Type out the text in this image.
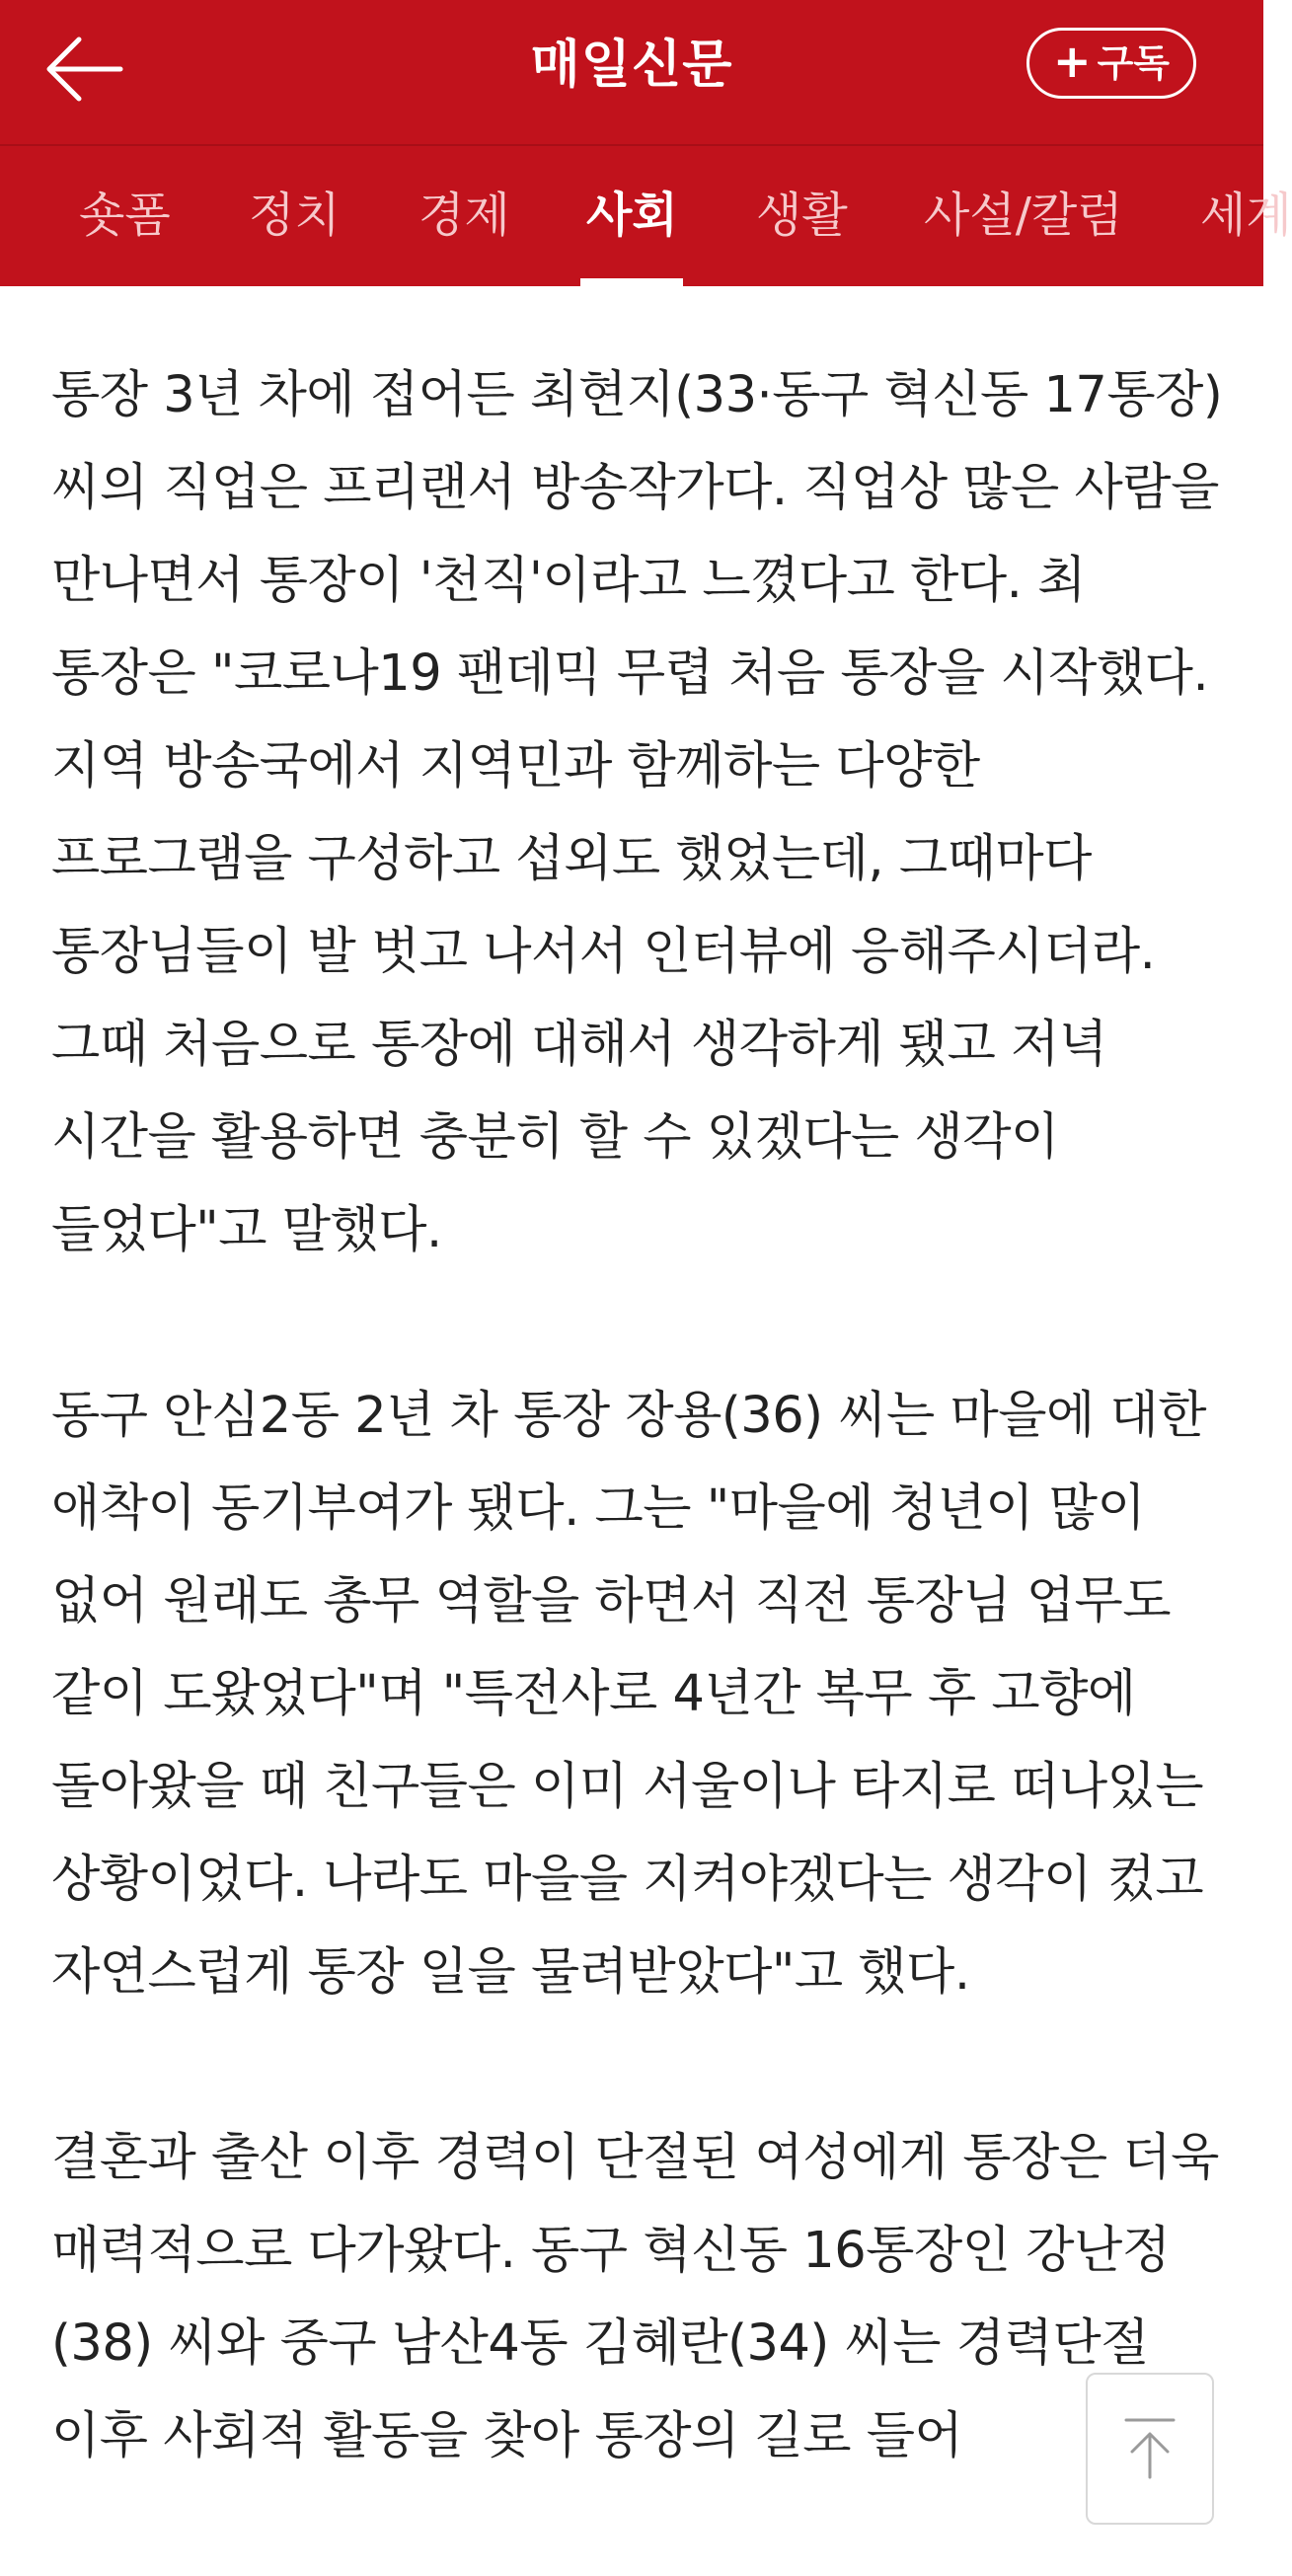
매일신문	+ 구독
숏폼 정치 경제 사회 생활 사설/칼럼 세계

통장 3년 차에 접어든 최현지(33·동구 혁신동 17통장) 씨의 직업은 프리랜서 방송작가다. 직업상 많은 사람을 만나면서 통장이 '천직'이라고 느꼈다고 한다. 최 통장은 "코로나19 팬데믹 무렵 처음 통장을 시작했다. 지역 방송국에서 지역민과 함께하는 다양한 프로그램을 구성하고 섭외도 했었는데, 그때마다 통장님들이 발 벗고 나서서 인터뷰에 응해주시더라. 그때 처음으로 통장에 대해서 생각하게 됐고 저녁 시간을 활용하면 충분히 할 수 있겠다는 생각이 들었다"고 말했다.

동구 안심2동 2년 차 통장 장용(36) 씨는 마을에 대한 애착이 동기부여가 됐다. 그는 "마을에 청년이 많이 없어 원래도 총무 역할을 하면서 직전 통장님 업무도 같이 도왔었다"며 "특전사로 4년간 복무 후 고향에 돌아왔을 때 친구들은 이미 서울이나 타지로 떠나있는 상황이었다. 나라도 마을을 지켜야겠다는 생각이 컸고 자연스럽게 통장 일을 물려받았다"고 했다.

결혼과 출산 이후 경력이 단절된 여성에게 통장은 더욱 매력적으로 다가왔다. 동구 혁신동 16통장인 강난정(38) 씨와 중구 남산4동 김혜란(34) 씨는 경력단절 이후 사회적 활동을 찾아 통장의 길로 들어
